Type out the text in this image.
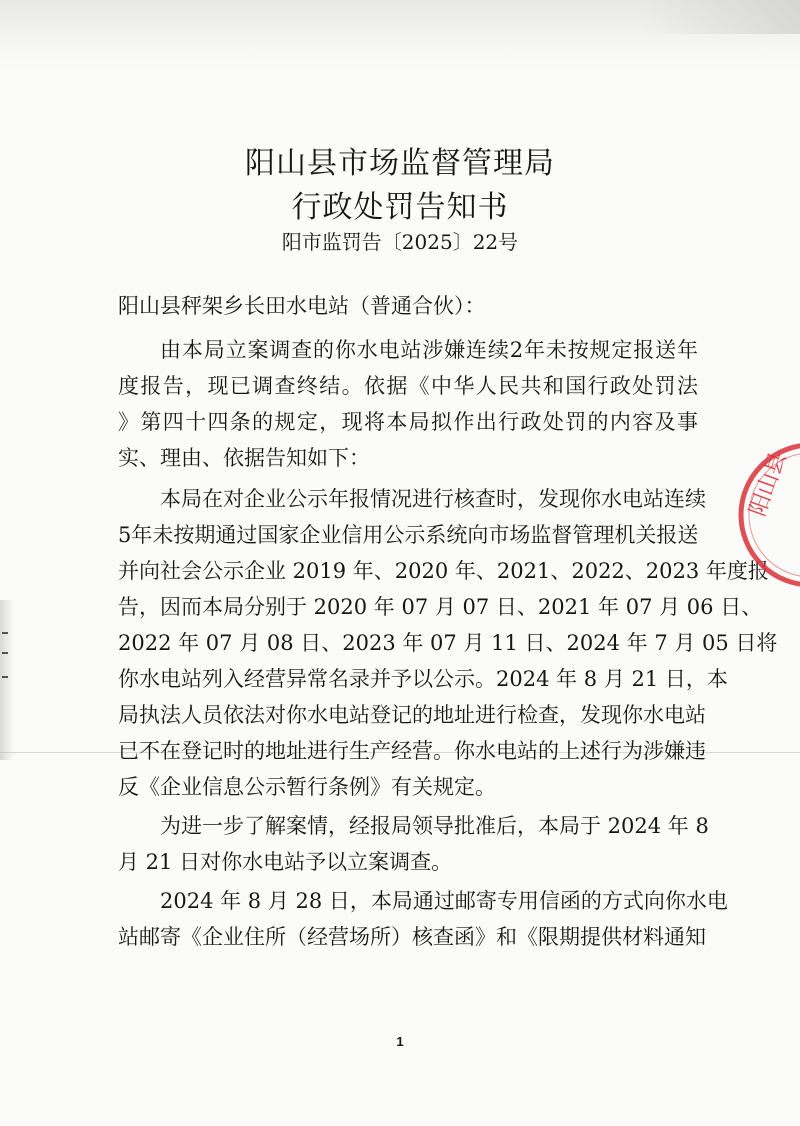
阳山县市场监督管理局
行政处罚告知书
阳市监罚告〔2025〕22号
阳山县秤架乡长田水电站（普通合伙）：
由本局立案调查的你水电站涉嫌连续2年未按规定报送年
度报告，现已调查终结。依据《中华人民共和国行政处罚法
》第四十四条的规定，现将本局拟作出行政处罚的内容及事
实、理由、依据告知如下：
本局在对企业公示年报情况进行核查时，发现你水电站连续
5年未按期通过国家企业信用公示系统向市场监督管理机关报送
并向社会公示企业 2019 年、2020 年、2021、2022、2023 年度报
告，因而本局分别于 2020 年 07 月 07 日、2021 年 07 月 06 日、
2022 年 07 月 08 日、2023 年 07 月 11 日、2024 年 7 月 05 日将
你水电站列入经营异常名录并予以公示。2024 年 8 月 21 日，本
局执法人员依法对你水电站登记的地址进行检查，发现你水电站
已不在登记时的地址进行生产经营。你水电站的上述行为涉嫌违
反《企业信息公示暂行条例》有关规定。
为进一步了解案情，经报局领导批准后，本局于 2024 年 8
月 21 日对你水电站予以立案调查。
2024 年 8 月 28 日，本局通过邮寄专用信函的方式向你水电
站邮寄《企业住所（经营场所）核查函》和《限期提供材料通知
1
阳山县
